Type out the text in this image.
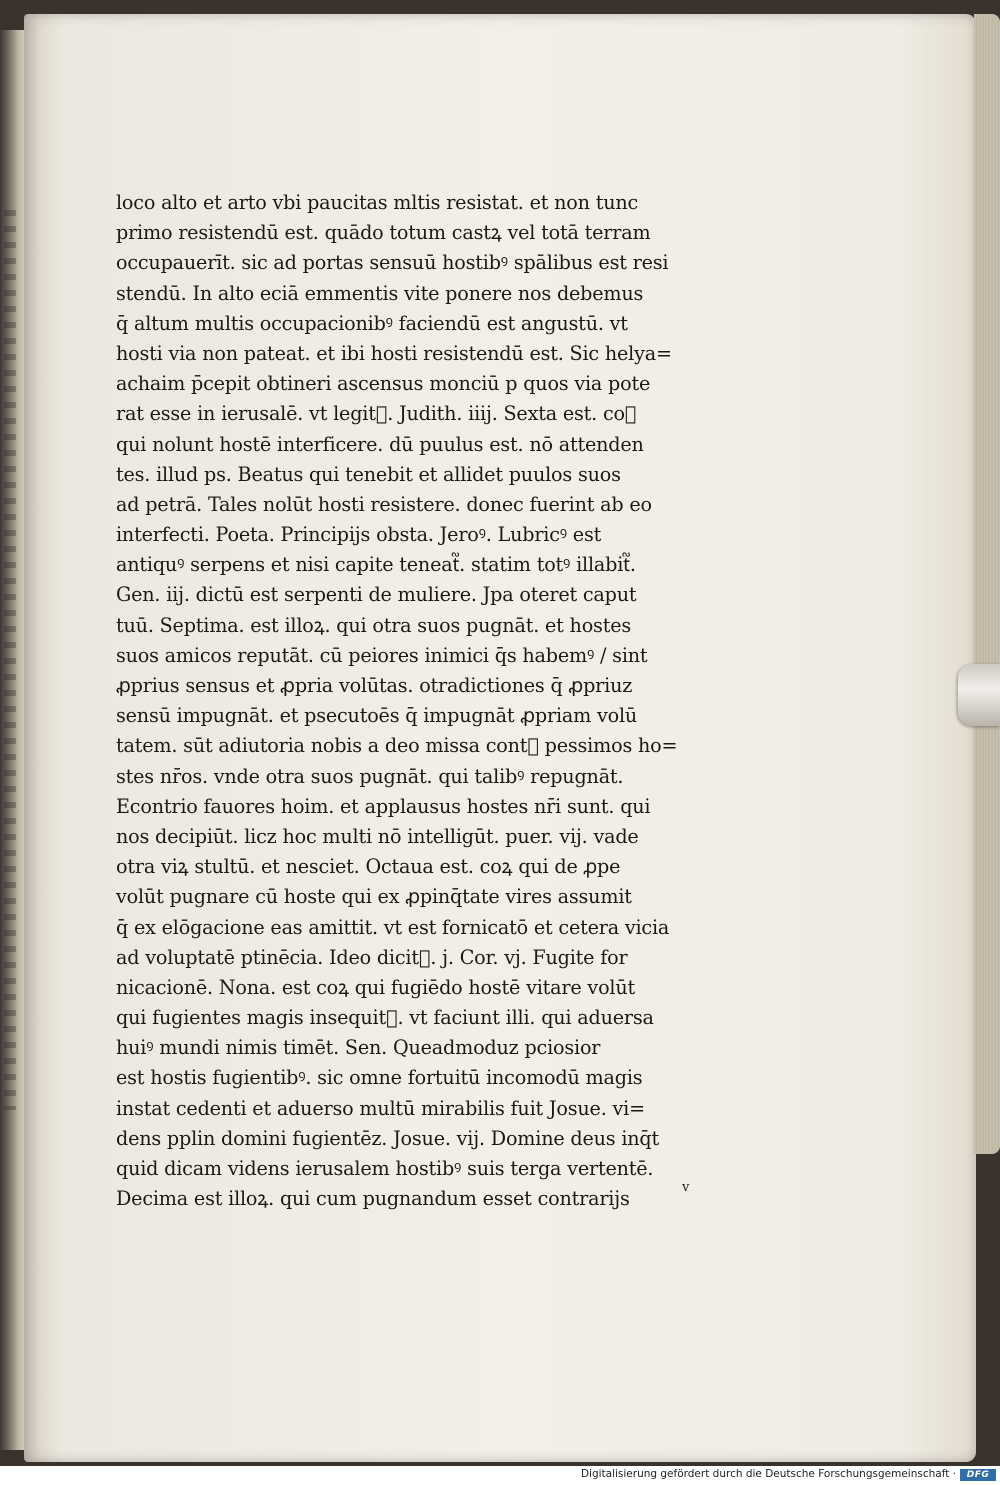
loco alto et arto vbi paucitas mltis resistat. et non tunc
primo resistendū est. quādo totum castꝝ vel totā terram
occupauerīt. sic ad portas sensuū hostibꝰ spālibus est resi
stendū. In alto eciā emmentis vite ponere nos debemus
q̄ altum multis occupacionibꝰ faciendū est angustū. vt
hosti via non pateat. et ibi hosti resistendū est. Sic helya=
achaim p̄cepit obtineri ascensus monciū p quos via pote
rat esse in ierusalē. vt legit᷑. Judith. iiij. Sexta est. coꝝ
qui nolunt hostē interficere. dū puulus est. nō attenden
tes. illud ps. Beatus qui tenebit et allidet puulos suos
ad petrā. Tales nolūt hosti resistere. donec fuerint ab eo
interfecti. Poeta. Principijs obsta. Jeroꝰ. Lubricꝰ est
antiquꝰ serpens et nisi capite teneat᷑. statim totꝰ illabit᷑.
Gen. iij. dictū est serpenti de muliere. Jpa oteret caput
tuū. Septima. est illoꝝ. qui otra suos pugnāt. et hostes
suos amicos reputāt. cū peiores inimici q̄s habemꝰ / sint
ꝓprius sensus et ꝓpria volūtas. otradictiones q̄ ꝓpriuz
sensū impugnāt. et psecutoēs q̄ impugnāt ꝓpriam volū
tatem. sūt adiutoria nobis a deo missa cont᷑ pessimos ho=
stes nr̄os. vnde otra suos pugnāt. qui talibꝰ repugnāt.
Econtrio fauores hoim. et applausus hostes nr̄i sunt. qui
nos decipiūt. licz hoc multi nō intelligūt. puer. vij. vade
otra viꝝ stultū. et nesciet. Octaua est. coꝝ qui de ꝓpe
volūt pugnare cū hoste qui ex ꝓpinq̄tate vires assumit
q̄ ex elōgacione eas amittit. vt est fornicatō et cetera vicia
ad voluptatē ptinēcia. Ideo dicit᷑. j. Cor. vj. Fugite for
nicacionē. Nona. est coꝝ qui fugiēdo hostē vitare volūt
qui fugientes magis insequit᷑. vt faciunt illi. qui aduersa
huiꝰ mundi nimis timēt. Sen. Queadmoduz pciosior
est hostis fugientibꝰ. sic omne fortuitū incomodū magis
instat cedenti et aduerso multū mirabilis fuit Josue. vi=
dens pplin domini fugientēz. Josue. vij. Domine deus inq̄t
quid dicam videns ierusalem hostibꝰ suis terga vertentē.
Decima est illoꝝ. qui cum pugnandum esset contrarijs	v
Digitalisierung gefördert durch die Deutsche Forschungsgemeinschaft ·	DFG
